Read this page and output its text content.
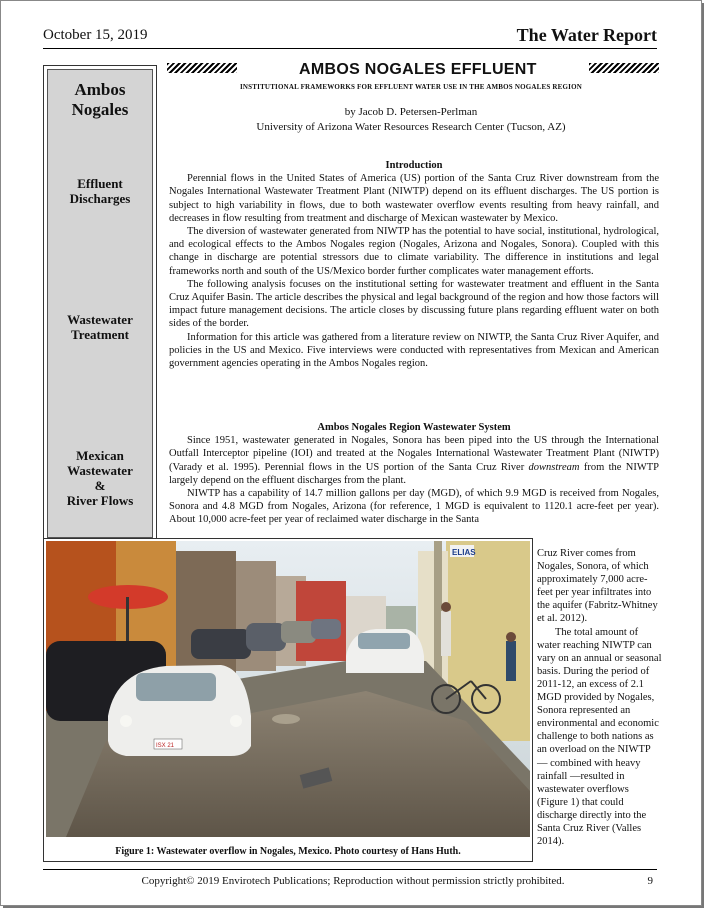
October 15, 2019	The Water Report
Ambos
Nogales
Effluent
Discharges
Wastewater
Treatment
Mexican
Wastewater
&
River Flows
AMBOS NOGALES EFFLUENT
INSTITUTIONAL FRAMEWORKS FOR EFFLUENT WATER USE IN THE AMBOS NOGALES REGION
by Jacob D. Petersen-Perlman
University of Arizona Water Resources Research Center (Tucson, AZ)

Introduction

Perennial flows in the United States of America (US) portion of the Santa Cruz River downstream from the Nogales International Wastewater Treatment Plant (NIWTP) depend on its effluent discharges. The US portion is subject to high variability in flows, due to both wastewater overflow events resulting from heavy rainfall, and decreases in flow resulting from treatment and discharge of Mexican wastewater by Mexico.

The diversion of wastewater generated from NIWTP has the potential to have social, institutional, hydrological, and ecological effects to the Ambos Nogales region (Nogales, Arizona and Nogales, Sonora). Coupled with this change in discharge are potential stressors due to climate variability. The difference in institutions and legal frameworks north and south of the US/Mexico border further complicates water management efforts.

The following analysis focuses on the institutional setting for wastewater treatment and effluent in the Santa Cruz Aquifer Basin. The article describes the physical and legal background of the region and how those factors will impact future management decisions. The article closes by discussing future plans regarding effluent water on both sides of the border.

Information for this article was gathered from a literature review on NIWTP, the Santa Cruz River Aquifer, and policies in the US and Mexico. Five interviews were conducted with representatives from Mexican and American government agencies operating in the Ambos Nogales region.

Ambos Nogales Region Wastewater System

Since 1951, wastewater generated in Nogales, Sonora has been piped into the US through the International Outfall Interceptor pipeline (IOI) and treated at the Nogales International Wastewater Treatment Plant (NIWTP) (Varady et al. 1995). Perennial flows in the US portion of the Santa Cruz River downstream from the NIWTP largely depend on the effluent discharges from the plant.

NIWTP has a capability of 14.7 million gallons per day (MGD), of which 9.9 MGD is received from Nogales, Sonora and 4.8 MGD from Nogales, Arizona (for reference, 1 MGD is equivalent to 1120.1 acre-feet per year). About 10,000 acre-feet per year of reclaimed water discharge in the Santa

ELIAS
ISX 21
Figure 1: Wastewater overflow in Nogales, Mexico. Photo courtesy of Hans Huth.

Cruz River comes from Nogales, Sonora, of which approximately 7,000 acre-feet per year infiltrates into the aquifer (Fabritz-Whitney et al. 2012).

The total amount of water reaching NIWTP can vary on an annual or seasonal basis. During the period of 2011-12, an excess of 2.1 MGD provided by Nogales, Sonora represented an environmental and economic challenge to both nations as an overload on the NIWTP — combined with heavy rainfall —resulted in wastewater overflows (Figure 1) that could discharge directly into the Santa Cruz River (Valles 2014).

Copyright© 2019 Envirotech Publications; Reproduction without permission strictly prohibited.	9
